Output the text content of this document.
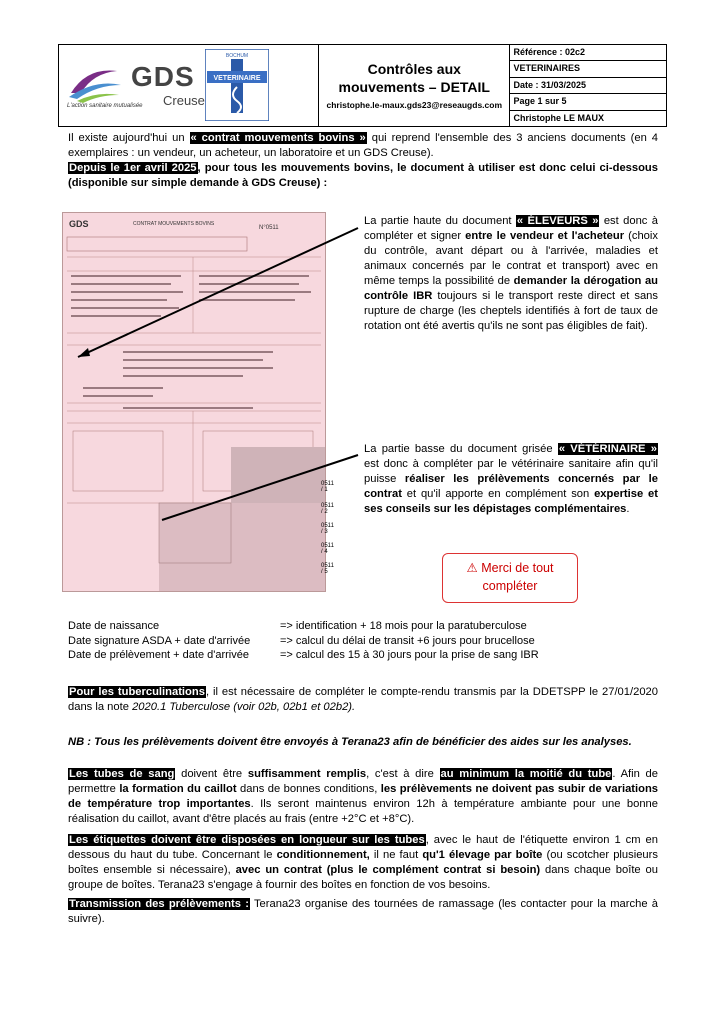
GDS
Creuse
L'action sanitaire mutualisée
BOCHUM
VETERINAIRE

Contrôles aux
mouvements – DETAIL
christophe.le-maux.gds23@reseaugds.com

Référence : 02c2
VETERINAIRES
Date : 31/03/2025
Page 1 sur 5
Christophe LE MAUX

Il existe aujourd'hui un « contrat mouvements bovins » qui reprend l'ensemble des 3 anciens documents (en 4 exemplaires : un vendeur, un acheteur, un laboratoire et un GDS Creuse).
Depuis le 1er avril 2025, pour tous les mouvements bovins, le document à utiliser est donc celui ci-dessous (disponible sur simple demande à GDS Creuse) :

GDS	CONTRAT MOUVEMENTS BOVINS
N°0511
0511 / 1
0511 / 2
0511 / 3
0511 / 4
0511 / 5

La partie haute du document « ÉLEVEURS » est donc à compléter et signer entre le vendeur et l'acheteur (choix du contrôle, avant départ ou à l'arrivée, maladies et animaux concernés par le contrat et transport) avec en même temps la possibilité de demander la dérogation au contrôle IBR toujours si le transport reste direct et sans rupture de charge (les cheptels identifiés à fort de taux de rotation ont été avertis qu'ils ne sont pas éligibles de fait).

La partie basse du document grisée « VÉTÉRINAIRE » est donc à compléter par le vétérinaire sanitaire afin qu'il puisse réaliser les prélèvements concernés par le contrat et qu'il apporte en complément son expertise et ses conseils sur les dépistages complémentaires.

⚠ Merci de tout compléter
Date de naissance	=> identification + 18 mois pour la paratuberculose
Date signature ASDA + date d'arrivée	=> calcul du délai de transit +6 jours pour brucellose
Date de prélèvement + date d'arrivée	=> calcul des 15 à 30 jours pour la prise de sang IBR

Pour les tuberculinations, il est nécessaire de compléter le compte-rendu transmis par la DDETSPP le 27/01/2020 dans la note 2020.1 Tuberculose (voir 02b, 02b1 et 02b2).

NB : Tous les prélèvements doivent être envoyés à Terana23 afin de bénéficier des aides sur les analyses.

Les tubes de sang doivent être suffisamment remplis, c'est à dire au minimum la moitié du tube. Afin de permettre la formation du caillot dans de bonnes conditions, les prélèvements ne doivent pas subir de variations de température trop importantes. Ils seront maintenus environ 12h à température ambiante pour une bonne réalisation du caillot, avant d'être placés au frais (entre +2°C et +8°C).

Les étiquettes doivent être disposées en longueur sur les tubes, avec le haut de l'étiquette environ 1 cm en dessous du haut du tube. Concernant le conditionnement, il ne faut qu'1 élevage par boîte (ou scotcher plusieurs boîtes ensemble si nécessaire), avec un contrat (plus le complément contrat si besoin) dans chaque boîte ou groupe de boîtes. Terana23 s'engage à fournir des boîtes en fonction de vos besoins.

Transmission des prélèvements : Terana23 organise des tournées de ramassage (les contacter pour la marche à suivre).
